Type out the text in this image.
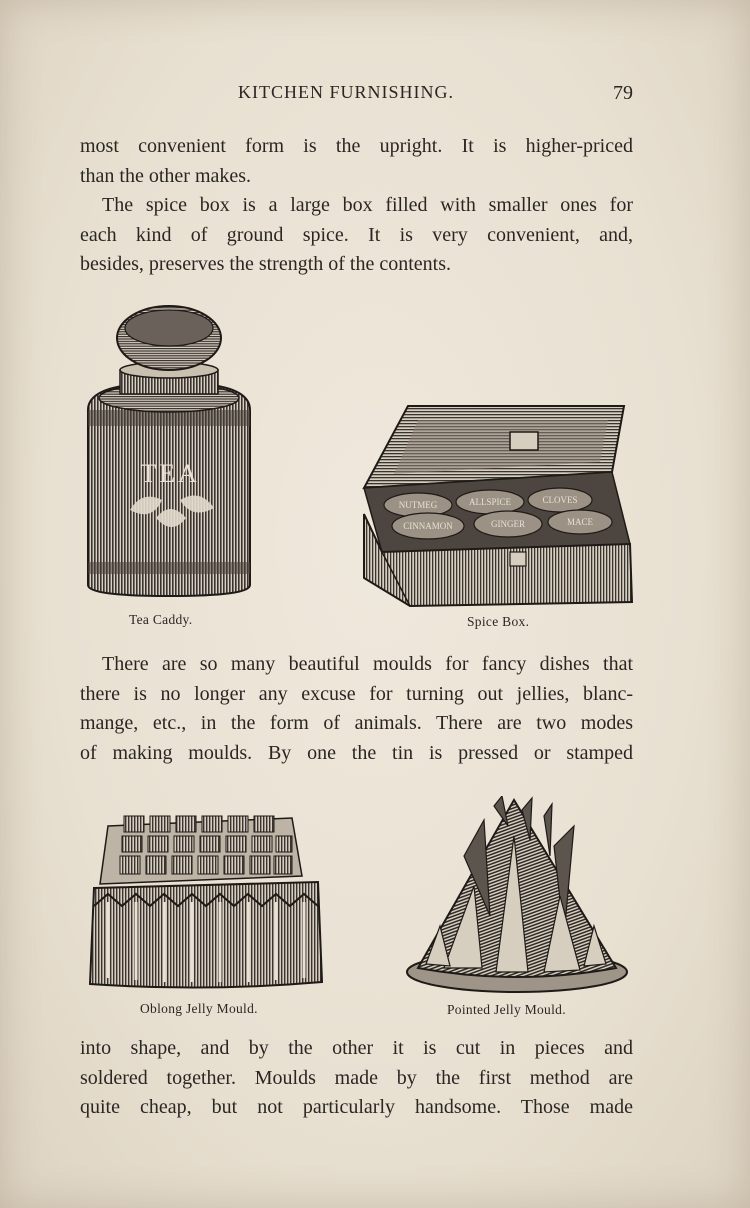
KITCHEN FURNISHING.	79

most convenient form is the upright. It is higher-priced
than the other makes.

The spice box is a large box filled with smaller ones for
each kind of ground spice. It is very convenient, and,
besides, preserves the strength of the contents.

TEA
Tea Caddy.
NUTMEG	ALLSPICE	CLOVES
CINNAMON	GINGER	MACE
Spice Box.

There are so many beautiful moulds for fancy dishes that
there is no longer any excuse for turning out jellies, blanc-
mange, etc., in the form of animals. There are two modes
of making moulds. By one the tin is pressed or stamped

Oblong Jelly Mould.	Pointed Jelly Mould.

into shape, and by the other it is cut in pieces and
soldered together. Moulds made by the first method are
quite cheap, but not particularly handsome. Those made
